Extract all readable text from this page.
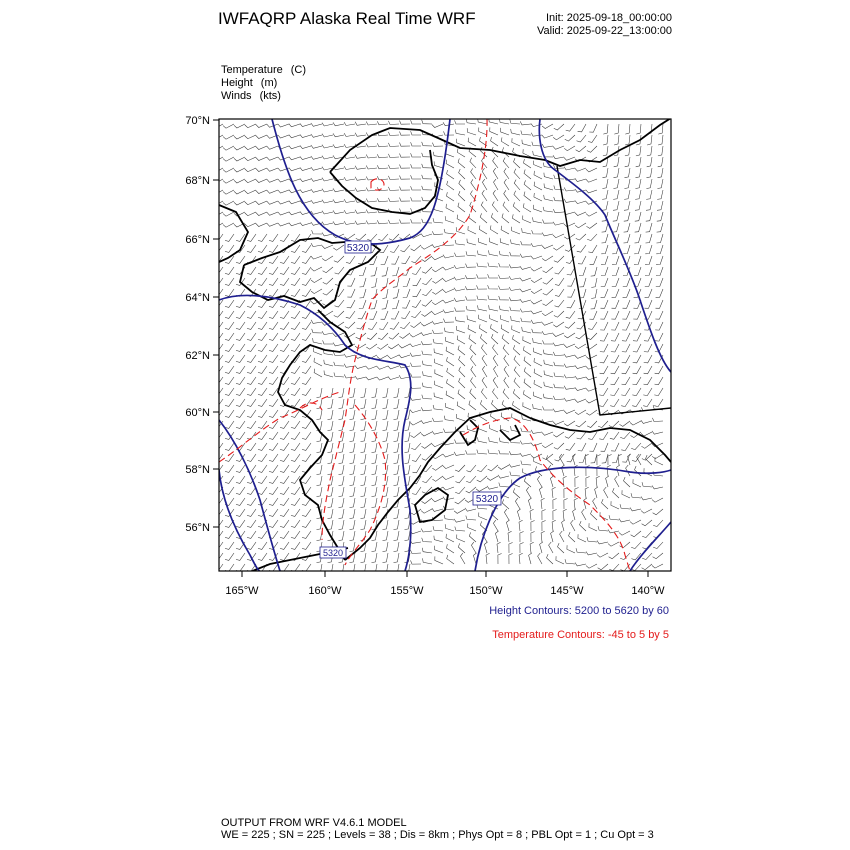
IWFAQRP Alaska Real Time WRF	Init: 2025-09-18_00:00:00
Valid: 2025-09-22_13:00:00
Temperature (C)
Height (m)
Winds (kts)
5320
5320
5320
70°N
68°N
66°N
64°N
62°N
60°N
58°N
56°N
165°W	160°W	155°W	150°W	145°W	140°W
Height Contours: 5200 to 5620 by 60
Temperature Contours: -45 to 5 by 5
OUTPUT FROM WRF V4.6.1 MODEL
WE = 225 ; SN = 225 ; Levels = 38 ; Dis = 8km ; Phys Opt = 8 ; PBL Opt = 1 ; Cu Opt = 3
